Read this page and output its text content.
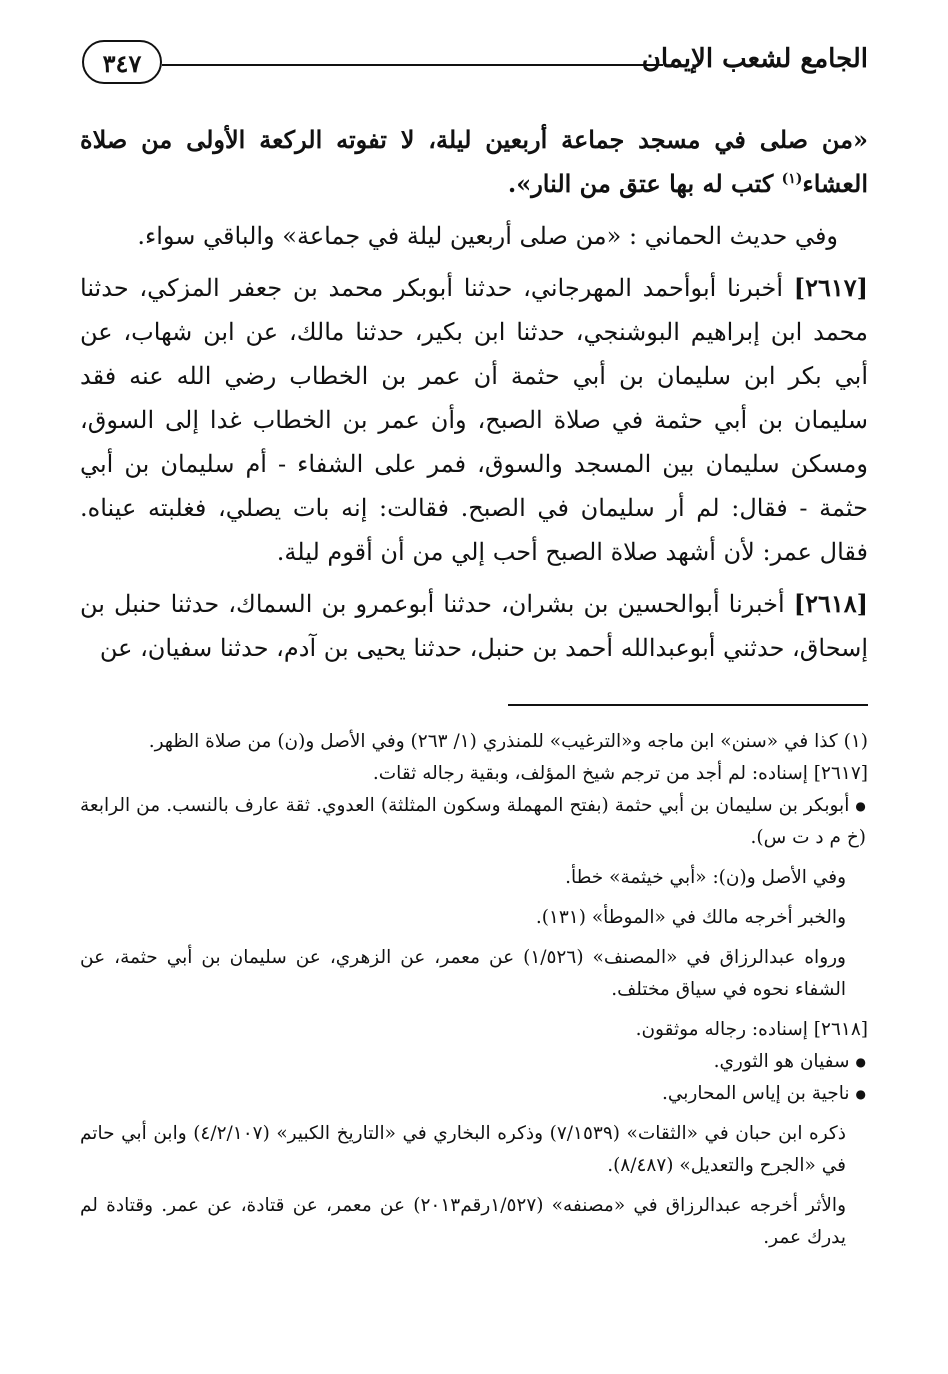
الجامع لشعب الإيمان
٣٤٧

«من صلى في مسجد جماعة أربعين ليلة، لا تفوته الركعة الأولى من صلاة العشاء$^{(١)}$ كتب له بها عتق من النار».

وفي حديث الحماني : «من صلى أربعين ليلة في جماعة» والباقي سواء.

[٢٦١٧] أخبرنا أبوأحمد المهرجاني، حدثنا أبوبكر محمد بن جعفر المزكي، حدثنا محمد ابن إبراهيم البوشنجي، حدثنا ابن بكير، حدثنا مالك، عن ابن شهاب، عن أبي بكر ابن سليمان بن أبي حثمة أن عمر بن الخطاب رضي الله عنه فقد سليمان بن أبي حثمة في صلاة الصبح، وأن عمر بن الخطاب غدا إلى السوق، ومسكن سليمان بين المسجد والسوق، فمر على الشفاء - أم سليمان بن أبي حثمة - فقال: لم أر سليمان في الصبح. فقالت: إنه بات يصلي، فغلبته عيناه. فقال عمر: لأن أشهد صلاة الصبح أحب إلي من أن أقوم ليلة.

[٢٦١٨] أخبرنا أبوالحسين بن بشران، حدثنا أبوعمرو بن السماك، حدثنا حنبل بن إسحاق، حدثني أبوعبدالله أحمد بن حنبل، حدثنا يحيى بن آدم، حدثنا سفيان، عن

(١) كذا في «سنن» ابن ماجه و«الترغيب» للمنذري (١/ ٢٦٣) وفي الأصل و(ن) من صلاة الظهر.

[٢٦١٧] إسناده: لم أجد من ترجم شيخ المؤلف، وبقية رجاله ثقات.

● أبوبكر بن سليمان بن أبي حثمة (بفتح المهملة وسكون المثلثة) العدوي. ثقة عارف بالنسب. من الرابعة (خ م د ت س).

وفي الأصل و(ن): «أبي خيثمة» خطأ.

والخبر أخرجه مالك في «الموطأ» (١٣١).

ورواه عبدالرزاق في «المصنف» (١/٥٢٦) عن معمر، عن الزهري، عن سليمان بن أبي حثمة، عن الشفاء نحوه في سياق مختلف.

[٢٦١٨] إسناده: رجاله موثقون.

● سفيان هو الثوري.

● ناجية بن إياس المحاربي.

ذكره ابن حبان في «الثقات» (٧/١٥٣٩) وذكره البخاري في «التاريخ الكبير» (٤/٢/١٠٧) وابن أبي حاتم في «الجرح والتعديل» (٨/٤٨٧).

والأثر أخرجه عبدالرزاق في «مصنفه» (١/٥٢٧رقم٢٠١٣) عن معمر، عن قتادة، عن عمر. وقتادة لم يدرك عمر.
